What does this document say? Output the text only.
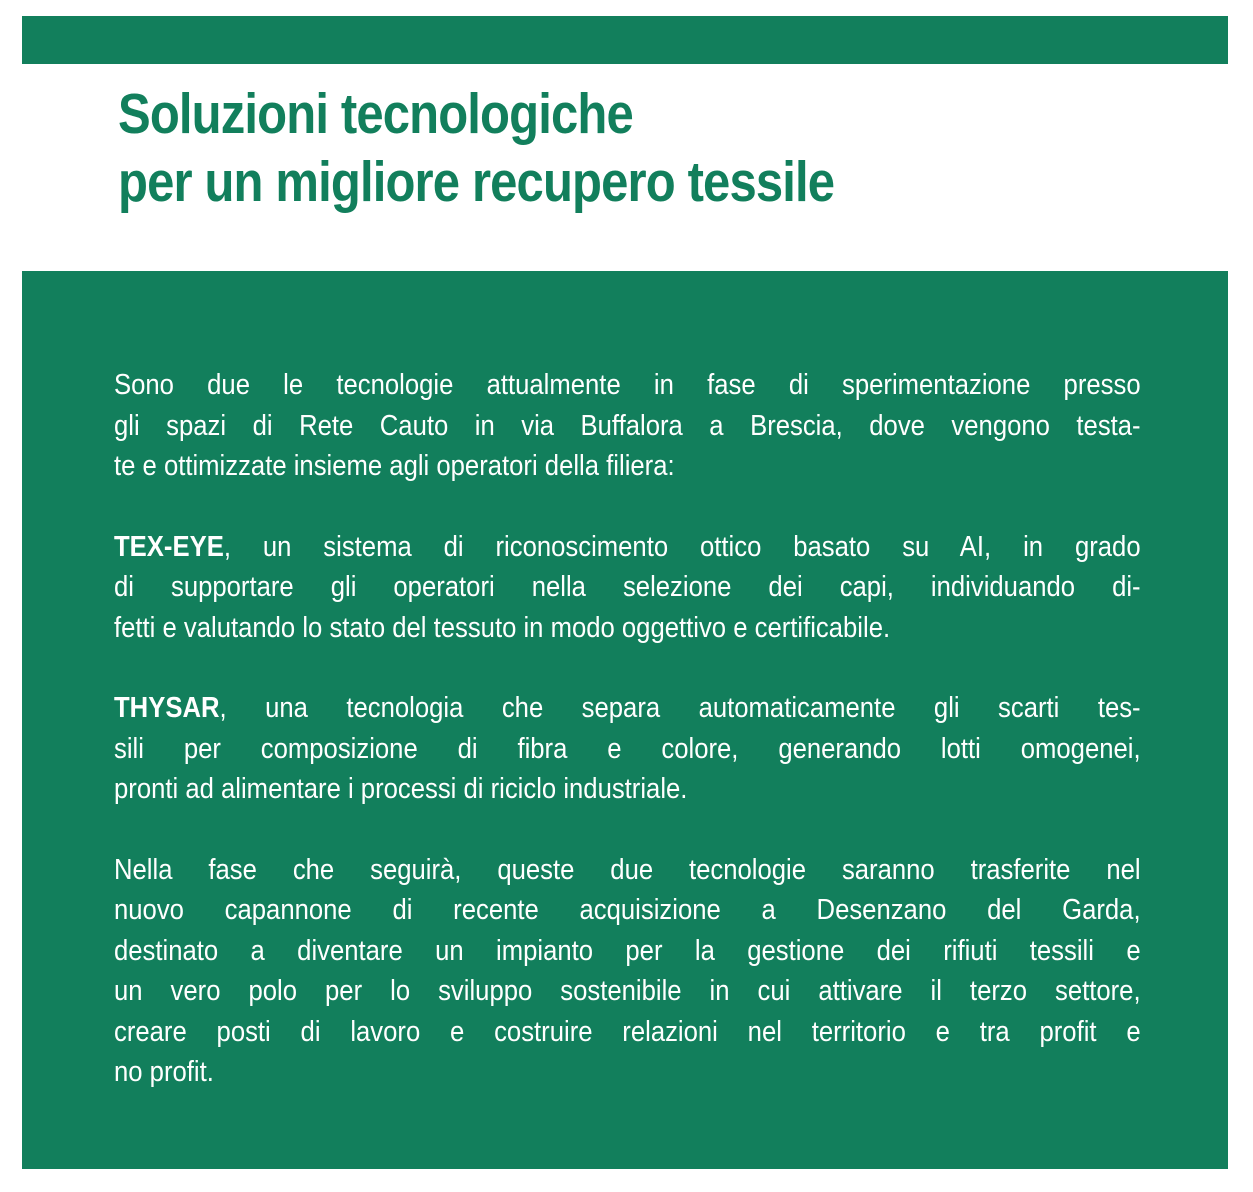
Soluzioni tecnologiche
per un migliore recupero tessile

Sono due le tecnologie attualmente in fase di sperimentazione presso
gli spazi di Rete Cauto in via Buffalora a Brescia, dove vengono testa-
te e ottimizzate insieme agli operatori della filiera:

TEX-EYE, un sistema di riconoscimento ottico basato su AI, in grado
di supportare gli operatori nella selezione dei capi, individuando di-
fetti e valutando lo stato del tessuto in modo oggettivo e certificabile.

THYSAR, una tecnologia che separa automaticamente gli scarti tes-
sili per composizione di fibra e colore, generando lotti omogenei,
pronti ad alimentare i processi di riciclo industriale.

Nella fase che seguirà, queste due tecnologie saranno trasferite nel
nuovo capannone di recente acquisizione a Desenzano del Garda,
destinato a diventare un impianto per la gestione dei rifiuti tessili e
un vero polo per lo sviluppo sostenibile in cui attivare il terzo settore,
creare posti di lavoro e costruire relazioni nel territorio e tra profit e
no profit.
